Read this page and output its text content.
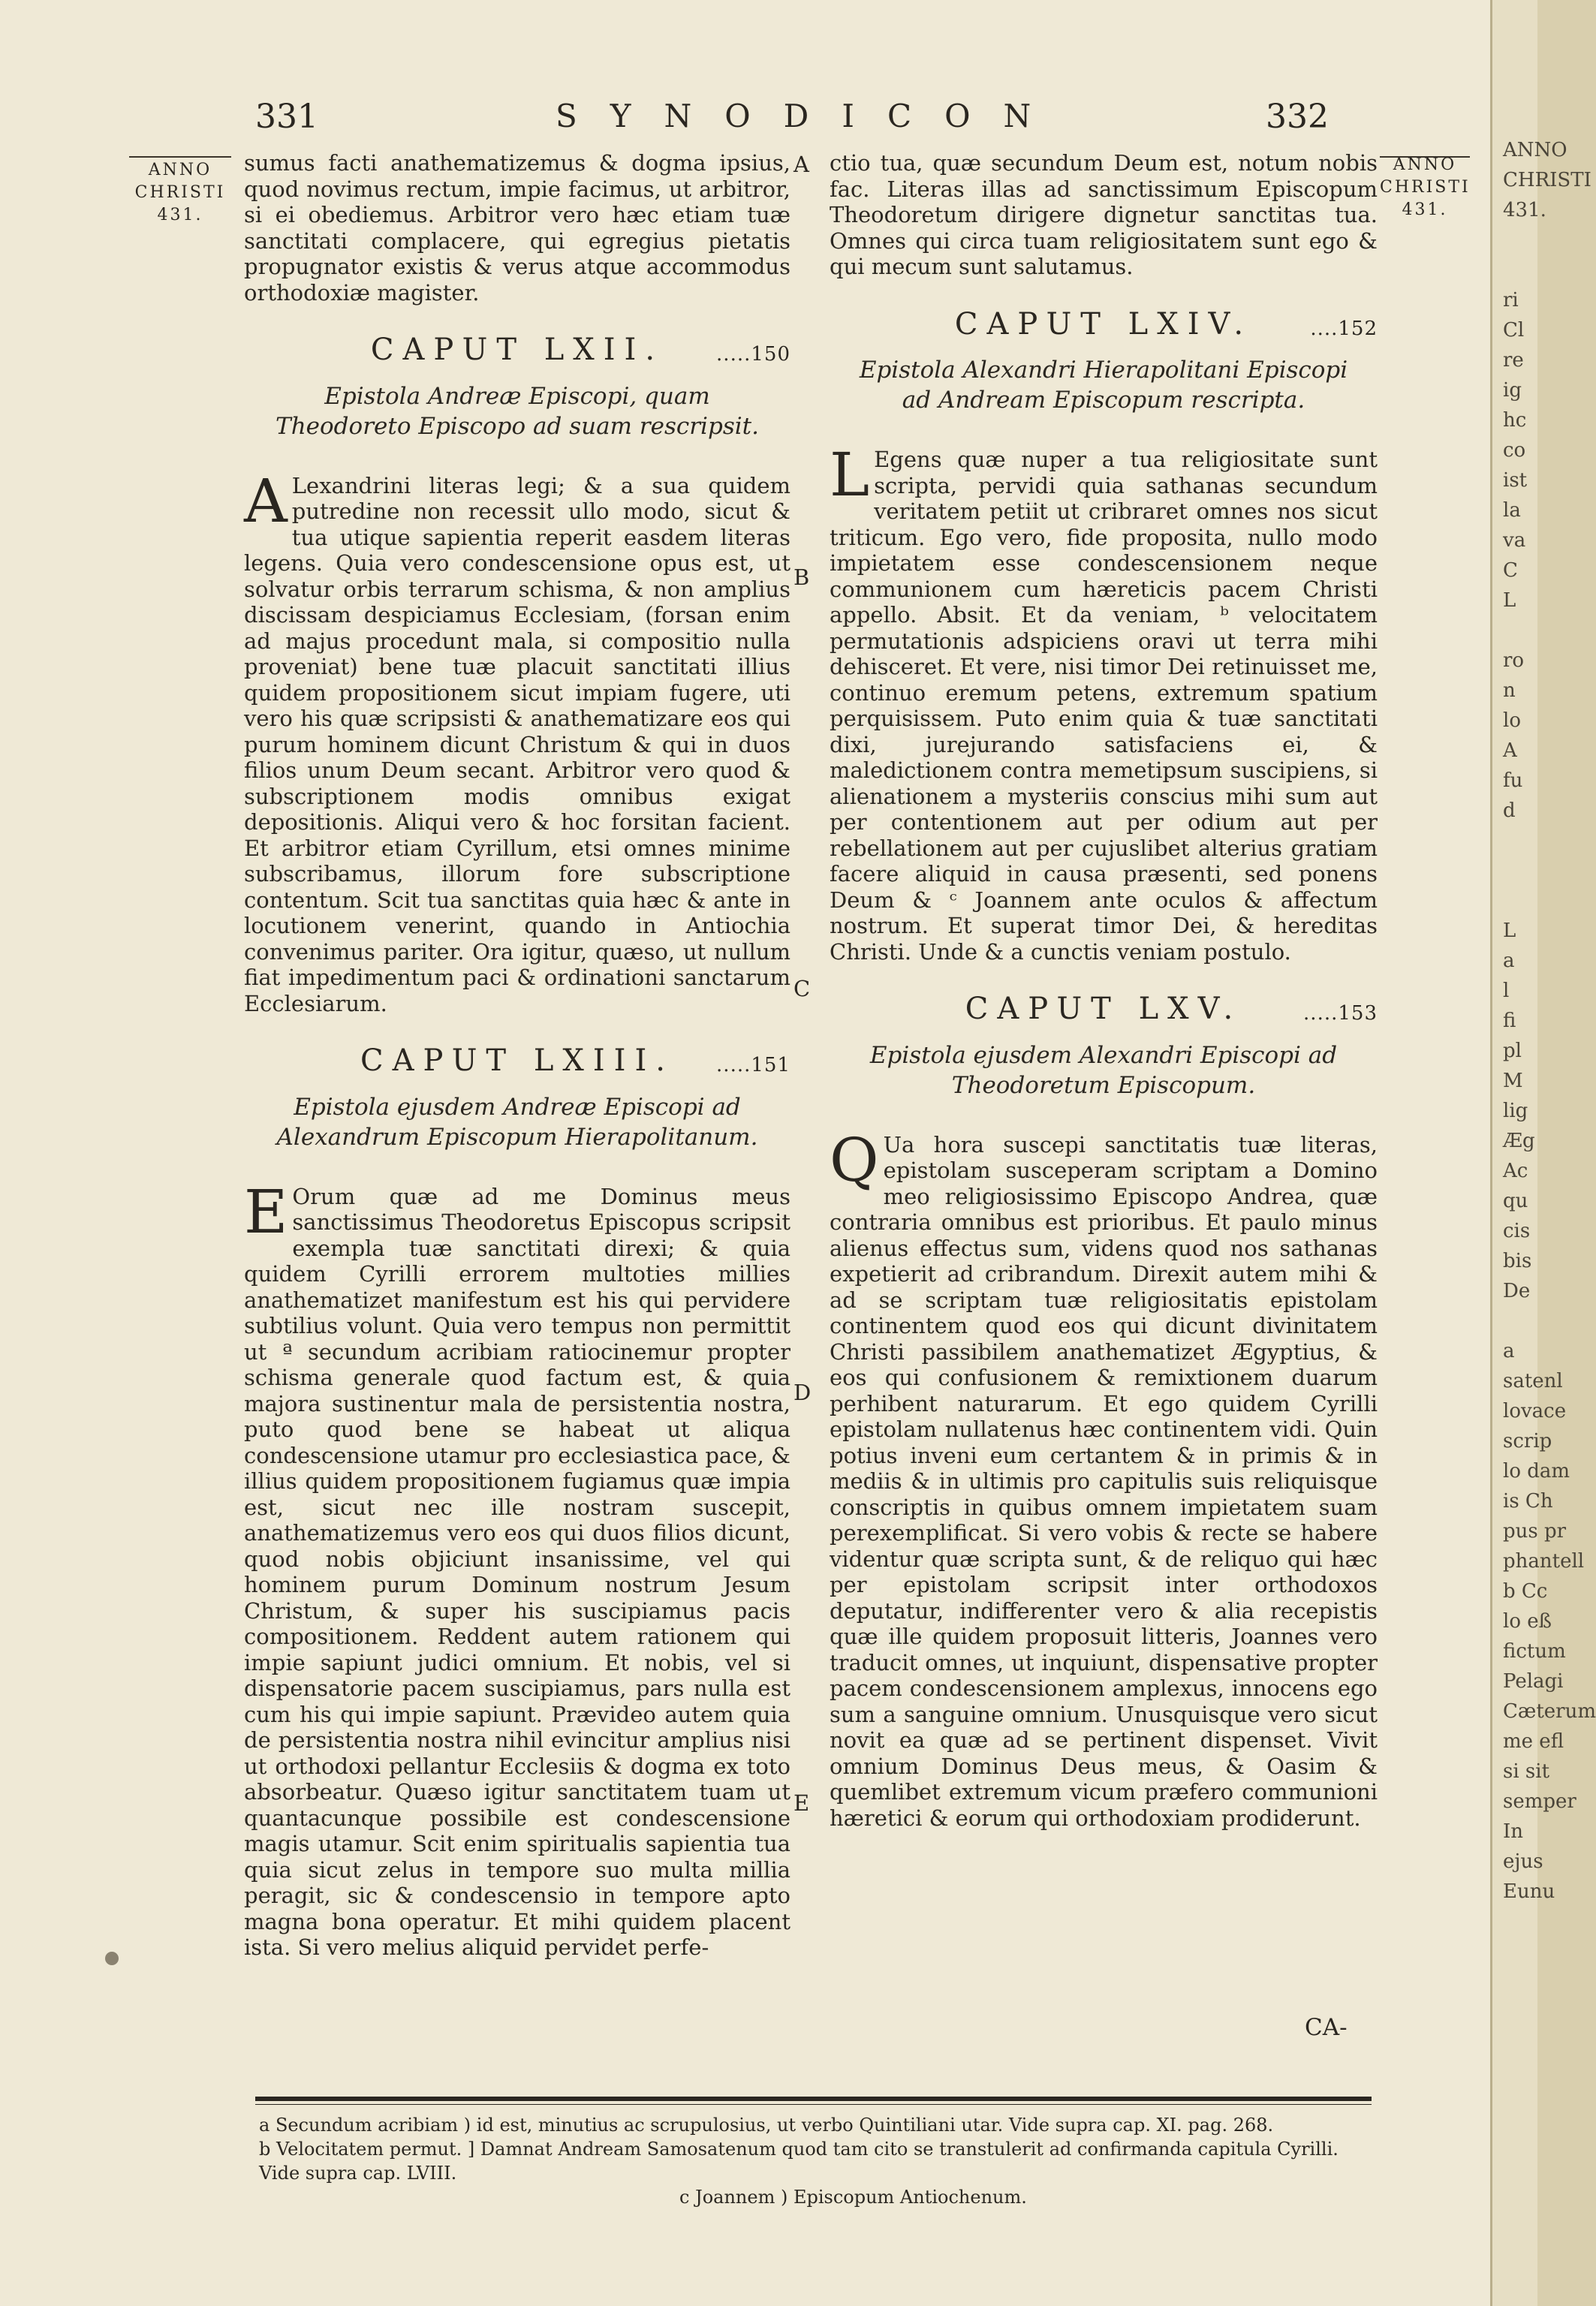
331	SYNODICON	332
ANNO
CHRISTI
431.
ANNO
CHRISTI
431.

sumus facti anathematizemus & dogma ipsius, quod novimus rectum, impie facimus, ut arbitror, si ei obediemus. Arbitror vero hæc etiam tuæ sanctitati complacere, qui egregius pietatis propugnator existis & verus atque accommodus orthodoxiæ magister.

CAPUT LXII.	.....150
Epistola Andreæ Episcopi, quam Theodoreto Episcopo ad suam rescripsit.

A Lexandrini literas legi; & a sua quidem putredine non recessit ullo modo, sicut & tua utique sapientia reperit easdem literas legens. Quia vero condescensione opus est, ut solvatur orbis terrarum schisma, & non amplius discissam despiciamus Ecclesiam, (forsan enim ad majus procedunt mala, si compositio nulla proveniat) bene tuæ placuit sanctitati illius quidem propositionem sicut impiam fugere, uti vero his quæ scripsisti & anathematizare eos qui purum hominem dicunt Christum & qui in duos filios unum Deum secant. Arbitror vero quod & subscriptionem modis omnibus exigat depositionis. Aliqui vero & hoc forsitan facient. Et arbitror etiam Cyrillum, etsi omnes minime subscribamus, illorum fore subscriptione contentum. Scit tua sanctitas quia hæc & ante in locutionem venerint, quando in Antiochia convenimus pariter. Ora igitur, quæso, ut nullum fiat impedimentum paci & ordinationi sanctarum Ecclesiarum.

CAPUT LXIII. .....151
Epistola ejusdem Andreæ Episcopi ad Alexandrum Episcopum Hierapolitanum.

E Orum quæ ad me Dominus meus sanctissimus Theodoretus Episcopus scripsit exempla tuæ sanctitati direxi; & quia quidem Cyrilli errorem multoties millies anathematizet manifestum est his qui pervidere subtilius volunt. Quia vero tempus non permittit ut ª secundum acribiam ratiocinemur propter schisma generale quod factum est, & quia majora sustinentur mala de persistentia nostra, puto quod bene se habeat ut aliqua condescensione utamur pro ecclesiastica pace, & illius quidem propositionem fugiamus quæ impia est, sicut nec ille nostram suscepit, anathematizemus vero eos qui duos filios dicunt, quod nobis objiciunt insanissime, vel qui hominem purum Dominum nostrum Jesum Christum, & super his suscipiamus pacis compositionem. Reddent autem rationem qui impie sapiunt judici omnium. Et nobis, vel si dispensatorie pacem suscipiamus, pars nulla est cum his qui impie sapiunt. Prævideo autem quia de persistentia nostra nihil evincitur amplius nisi ut orthodoxi pellantur Ecclesiis & dogma ex toto absorbeatur. Quæso igitur sanctitatem tuam ut quantacunque possibile est condescensione magis utamur. Scit enim spiritualis sapientia tua quia sicut zelus in tempore suo multa millia peragit, sic & condescensio in tempore apto magna bona operatur. Et mihi quidem placent ista. Si vero melius aliquid pervidet perfe-

A
B
C
D
E

ctio tua, quæ secundum Deum est, notum nobis fac. Literas illas ad sanctissimum Episcopum Theodoretum dirigere dignetur sanctitas tua. Omnes qui circa tuam religiositatem sunt ego & qui mecum sunt salutamus.

CAPUT LXIV.	....152
Epistola Alexandri Hierapolitani Episcopi ad Andream Episcopum rescripta.

L Egens quæ nuper a tua religiositate sunt scripta, pervidi quia sathanas secundum veritatem petiit ut cribraret omnes nos sicut triticum. Ego vero, fide proposita, nullo modo impietatem esse condescensionem neque communionem cum hæreticis pacem Christi appello. Absit. Et da veniam, ᵇ velocitatem permutationis adspiciens oravi ut terra mihi dehisceret. Et vere, nisi timor Dei retinuisset me, continuo eremum petens, extremum spatium perquisissem. Puto enim quia & tuæ sanctitati dixi, jurejurando satisfaciens ei, & maledictionem contra memetipsum suscipiens, si alienationem a mysteriis conscius mihi sum aut per contentionem aut per odium aut per rebellationem aut per cujuslibet alterius gratiam facere aliquid in causa præsenti, sed ponens Deum & ᶜ Joannem ante oculos & affectum nostrum. Et superat timor Dei, & hereditas Christi. Unde & a cunctis veniam postulo.

CAPUT LXV.	.....153
Epistola ejusdem Alexandri Episcopi ad Theodoretum Episcopum.

Q Ua hora suscepi sanctitatis tuæ literas, epistolam susceperam scriptam a Domino meo religiosissimo Episcopo Andrea, quæ contraria omnibus est prioribus. Et paulo minus alienus effectus sum, videns quod nos sathanas expetierit ad cribrandum. Direxit autem mihi & ad se scriptam tuæ religiositatis epistolam continentem quod eos qui dicunt divinitatem Christi passibilem anathematizet Ægyptius, & eos qui confusionem & remixtionem duarum perhibent naturarum. Et ego quidem Cyrilli epistolam nullatenus hæc continentem vidi. Quin potius inveni eum certantem & in primis & in mediis & in ultimis pro capitulis suis reliquisque conscriptis in quibus omnem impietatem suam perexemplificat. Si vero vobis & recte se habere videntur quæ scripta sunt, & de reliquo qui hæc per epistolam scripsit inter orthodoxos deputatur, indifferenter vero & alia recepistis quæ ille quidem proposuit litteris, Joannes vero traducit omnes, ut inquiunt, dispensative propter pacem condescensionem amplexus, innocens ego sum a sanguine omnium. Unusquisque vero sicut novit ea quæ ad se pertinent dispenset. Vivit omnium Dominus Deus meus, & Oasim & quemlibet extremum vicum præfero communioni hæretici & eorum qui orthodoxiam prodiderunt.

CA-
a Secundum acribiam ) id est, minutius ac scrupulosius, ut verbo Quintiliani utar. Vide supra cap. XI. pag. 268.
b Velocitatem permut. ] Damnat Andream Samosatenum quod tam cito se transtulerit ad confirmanda capitula Cyrilli. Vide supra cap. LVIII.
c Joannem ) Episcopum Antiochenum.
ANNO
CHRISTI
431.

ri
Cl
re
ig
hc
co
ist
la
va
C
L

ro
n
lo
A
fu
d

L
a
l
fi
pl
M
lig
Æg
Ac
qu
cis
bis
De

a
satenl
lovace
scrip
lo dam
is Ch
pus pr
phantell
b Cc
lo eß
fictum
Pelagi
Cæterum
me efl
si sit
semper
In
ejus
Eunu
